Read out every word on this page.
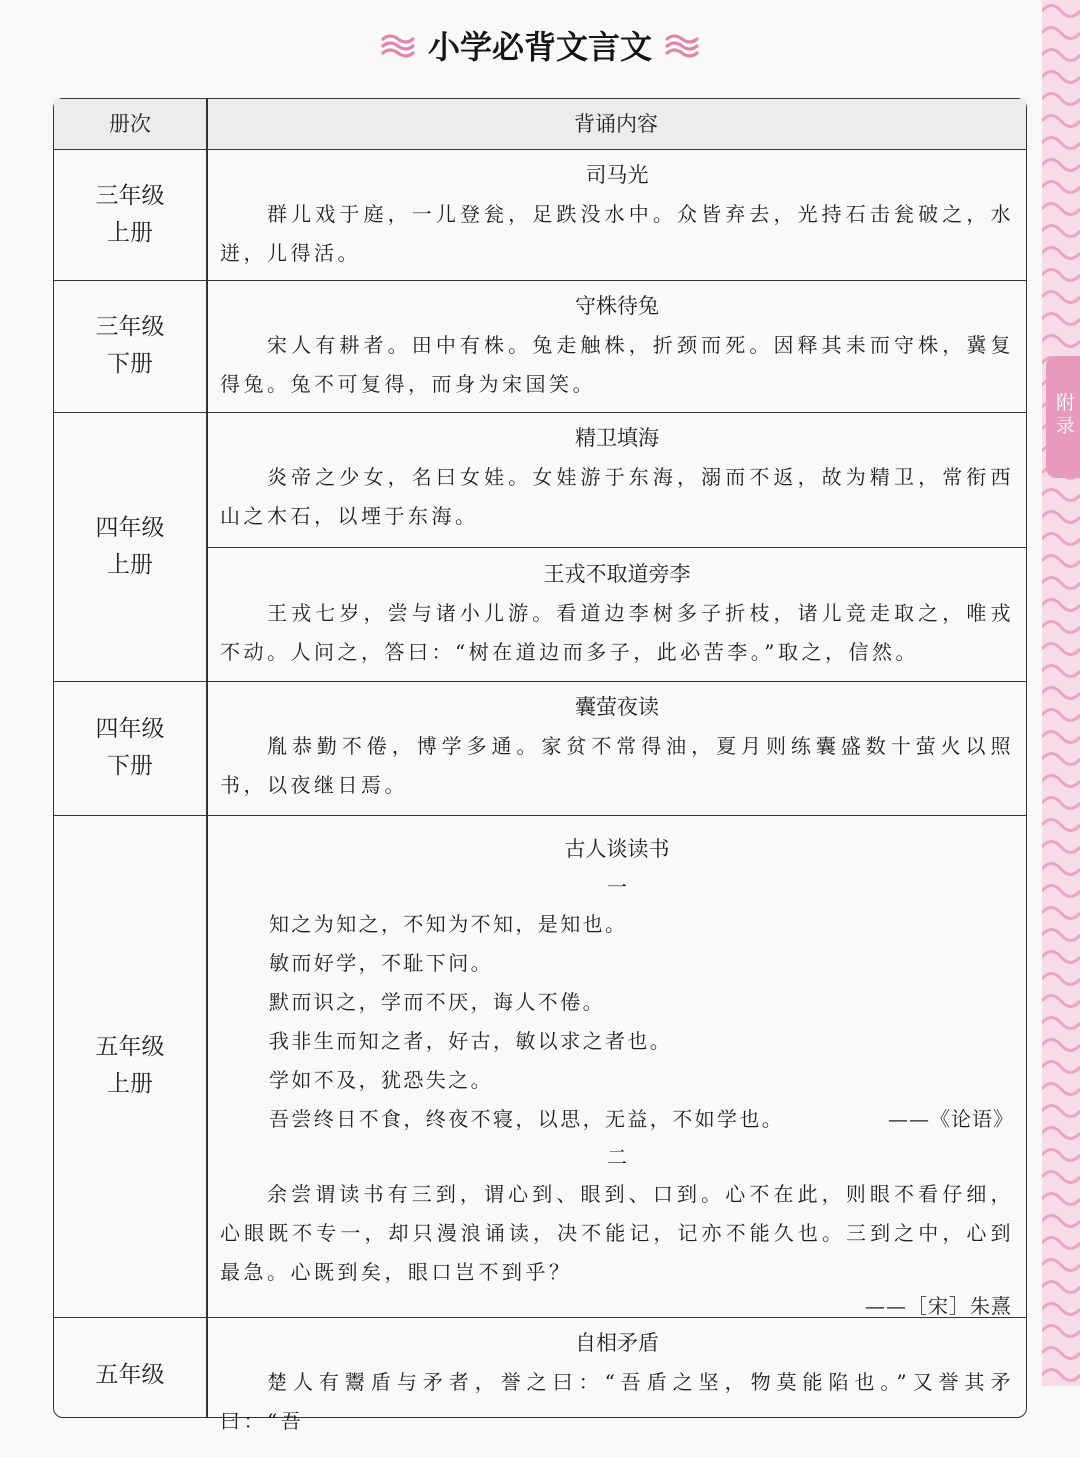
附录
小学必背文言文
册次	背诵内容
三年级
上册
司马光

群儿戏于庭，一儿登瓮，足跌没水中。众皆弃去，光持石击瓮破之，水迸，儿得活。

三年级
下册
守株待兔

宋人有耕者。田中有株。兔走触株，折颈而死。因释其耒而守株，冀复得兔。兔不可复得，而身为宋国笑。

四年级
上册
精卫填海

炎帝之少女，名曰女娃。女娃游于东海，溺而不返，故为精卫，常衔西山之木石，以堙于东海。

王戎不取道旁李

王戎七岁，尝与诸小儿游。看道边李树多子折枝，诸儿竞走取之，唯戎不动。人问之，答曰：“树在道边而多子，此必苦李。”取之，信然。

四年级
下册
囊萤夜读

胤恭勤不倦，博学多通。家贫不常得油，夏月则练囊盛数十萤火以照书，以夜继日焉。

五年级
上册
古人谈读书
一

知之为知之，不知为不知，是知也。

敏而好学，不耻下问。

默而识之，学而不厌，诲人不倦。

我非生而知之者，好古，敏以求之者也。

学如不及，犹恐失之。

吾尝终日不食，终夜不寝，以思，无益，不如学也。	——《论语》

二

余尝谓读书有三到，谓心到、眼到、口到。心不在此，则眼不看仔细，心眼既不专一，却只漫浪诵读，决不能记，记亦不能久也。三到之中，心到最急。心既到矣，眼口岂不到乎？

——［宋］朱熹
五年级
自相矛盾

楚人有鬻盾与矛者，誉之曰：“吾盾之坚，物莫能陷也。”又誉其矛曰：“吾
